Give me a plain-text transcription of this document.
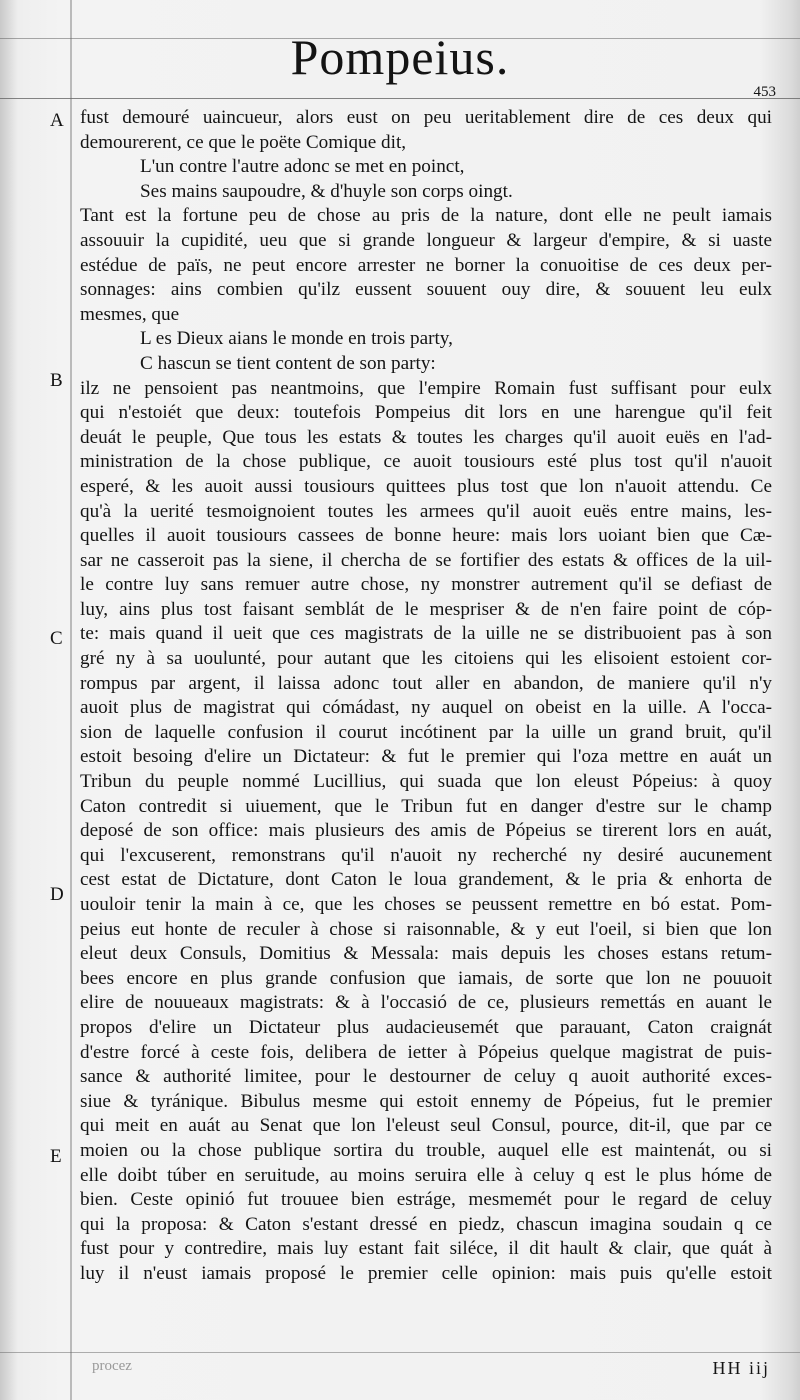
Pompeius.
453
A
B
C
D
E
fust demouré uaincueur, alors eust on peu ueritablement dire de ces deux qui
demourerent, ce que le poëte Comique dit,
L'un contre l'autre adonc se met en poinct,
Ses mains saupoudre, & d'huyle son corps oingt.
Tant est la fortune peu de chose au pris de la nature, dont elle ne peult iamais
assouuir la cupidité, ueu que si grande longueur & largeur d'empire, & si uaste
estédue de païs, ne peut encore arrester ne borner la conuoitise de ces deux per-
sonnages: ains combien qu'ilz eussent souuent ouy dire, & souuent leu eulx
mesmes, que
L es Dieux aians le monde en trois party,
C hascun se tient content de son party:
ilz ne pensoient pas neantmoins, que l'empire Romain fust suffisant pour eulx
qui n'estoiét que deux: toutefois Pompeius dit lors en une harengue qu'il feit
deuát le peuple, Que tous les estats & toutes les charges qu'il auoit euës en l'ad-
ministration de la chose publique, ce auoit tousiours esté plus tost qu'il n'auoit
esperé, & les auoit aussi tousiours quittees plus tost que lon n'auoit attendu. Ce
qu'à la uerité tesmoignoient toutes les armees qu'il auoit euës entre mains, les-
quelles il auoit tousiours cassees de bonne heure: mais lors uoiant bien que Cæ-
sar ne casseroit pas la siene, il chercha de se fortifier des estats & offices de la uil-
le contre luy sans remuer autre chose, ny monstrer autrement qu'il se defiast de
luy, ains plus tost faisant semblát de le mespriser & de n'en faire point de cóp-
te: mais quand il ueit que ces magistrats de la uille ne se distribuoient pas à son
gré ny à sa uoulunté, pour autant que les citoiens qui les elisoient estoient cor-
rompus par argent, il laissa adonc tout aller en abandon, de maniere qu'il n'y
auoit plus de magistrat qui cómádast, ny auquel on obeist en la uille. A l'occa-
sion de laquelle confusion il courut incótinent par la uille un grand bruit, qu'il
estoit besoing d'elire un Dictateur: & fut le premier qui l'oza mettre en auát un
Tribun du peuple nommé Lucillius, qui suada que lon eleust Pópeius: à quoy
Caton contredit si uiuement, que le Tribun fut en danger d'estre sur le champ
deposé de son office: mais plusieurs des amis de Pópeius se tirerent lors en auát,
qui l'excuserent, remonstrans qu'il n'auoit ny recherché ny desiré aucunement
cest estat de Dictature, dont Caton le loua grandement, & le pria & enhorta de
uouloir tenir la main à ce, que les choses se peussent remettre en bó estat. Pom-
peius eut honte de reculer à chose si raisonnable, & y eut l'oeil, si bien que lon
eleut deux Consuls, Domitius & Messala: mais depuis les choses estans retum-
bees encore en plus grande confusion que iamais, de sorte que lon ne pouuoit
elire de nouueaux magistrats: & à l'occasió de ce, plusieurs remettás en auant le
propos d'elire un Dictateur plus audacieusemét que parauant, Caton craignát
d'estre forcé à ceste fois, delibera de ietter à Pópeius quelque magistrat de puis-
sance & authorité limitee, pour le destourner de celuy q auoit authorité exces-
siue & tyránique. Bibulus mesme qui estoit ennemy de Pópeius, fut le premier
qui meit en auát au Senat que lon l'eleust seul Consul, pource, dit-il, que par ce
moien ou la chose publique sortira du trouble, auquel elle est maintenát, ou si
elle doibt túber en seruitude, au moins seruira elle à celuy q est le plus hóme de
bien. Ceste opinió fut trouuee bien estráge, mesmemét pour le regard de celuy
qui la proposa: & Caton s'estant dressé en piedz, chascun imagina soudain q ce
fust pour y contredire, mais luy estant fait siléce, il dit hault & clair, que quát à
luy il n'eust iamais proposé le premier celle opinion: mais puis qu'elle estoit
procez	HH iij
